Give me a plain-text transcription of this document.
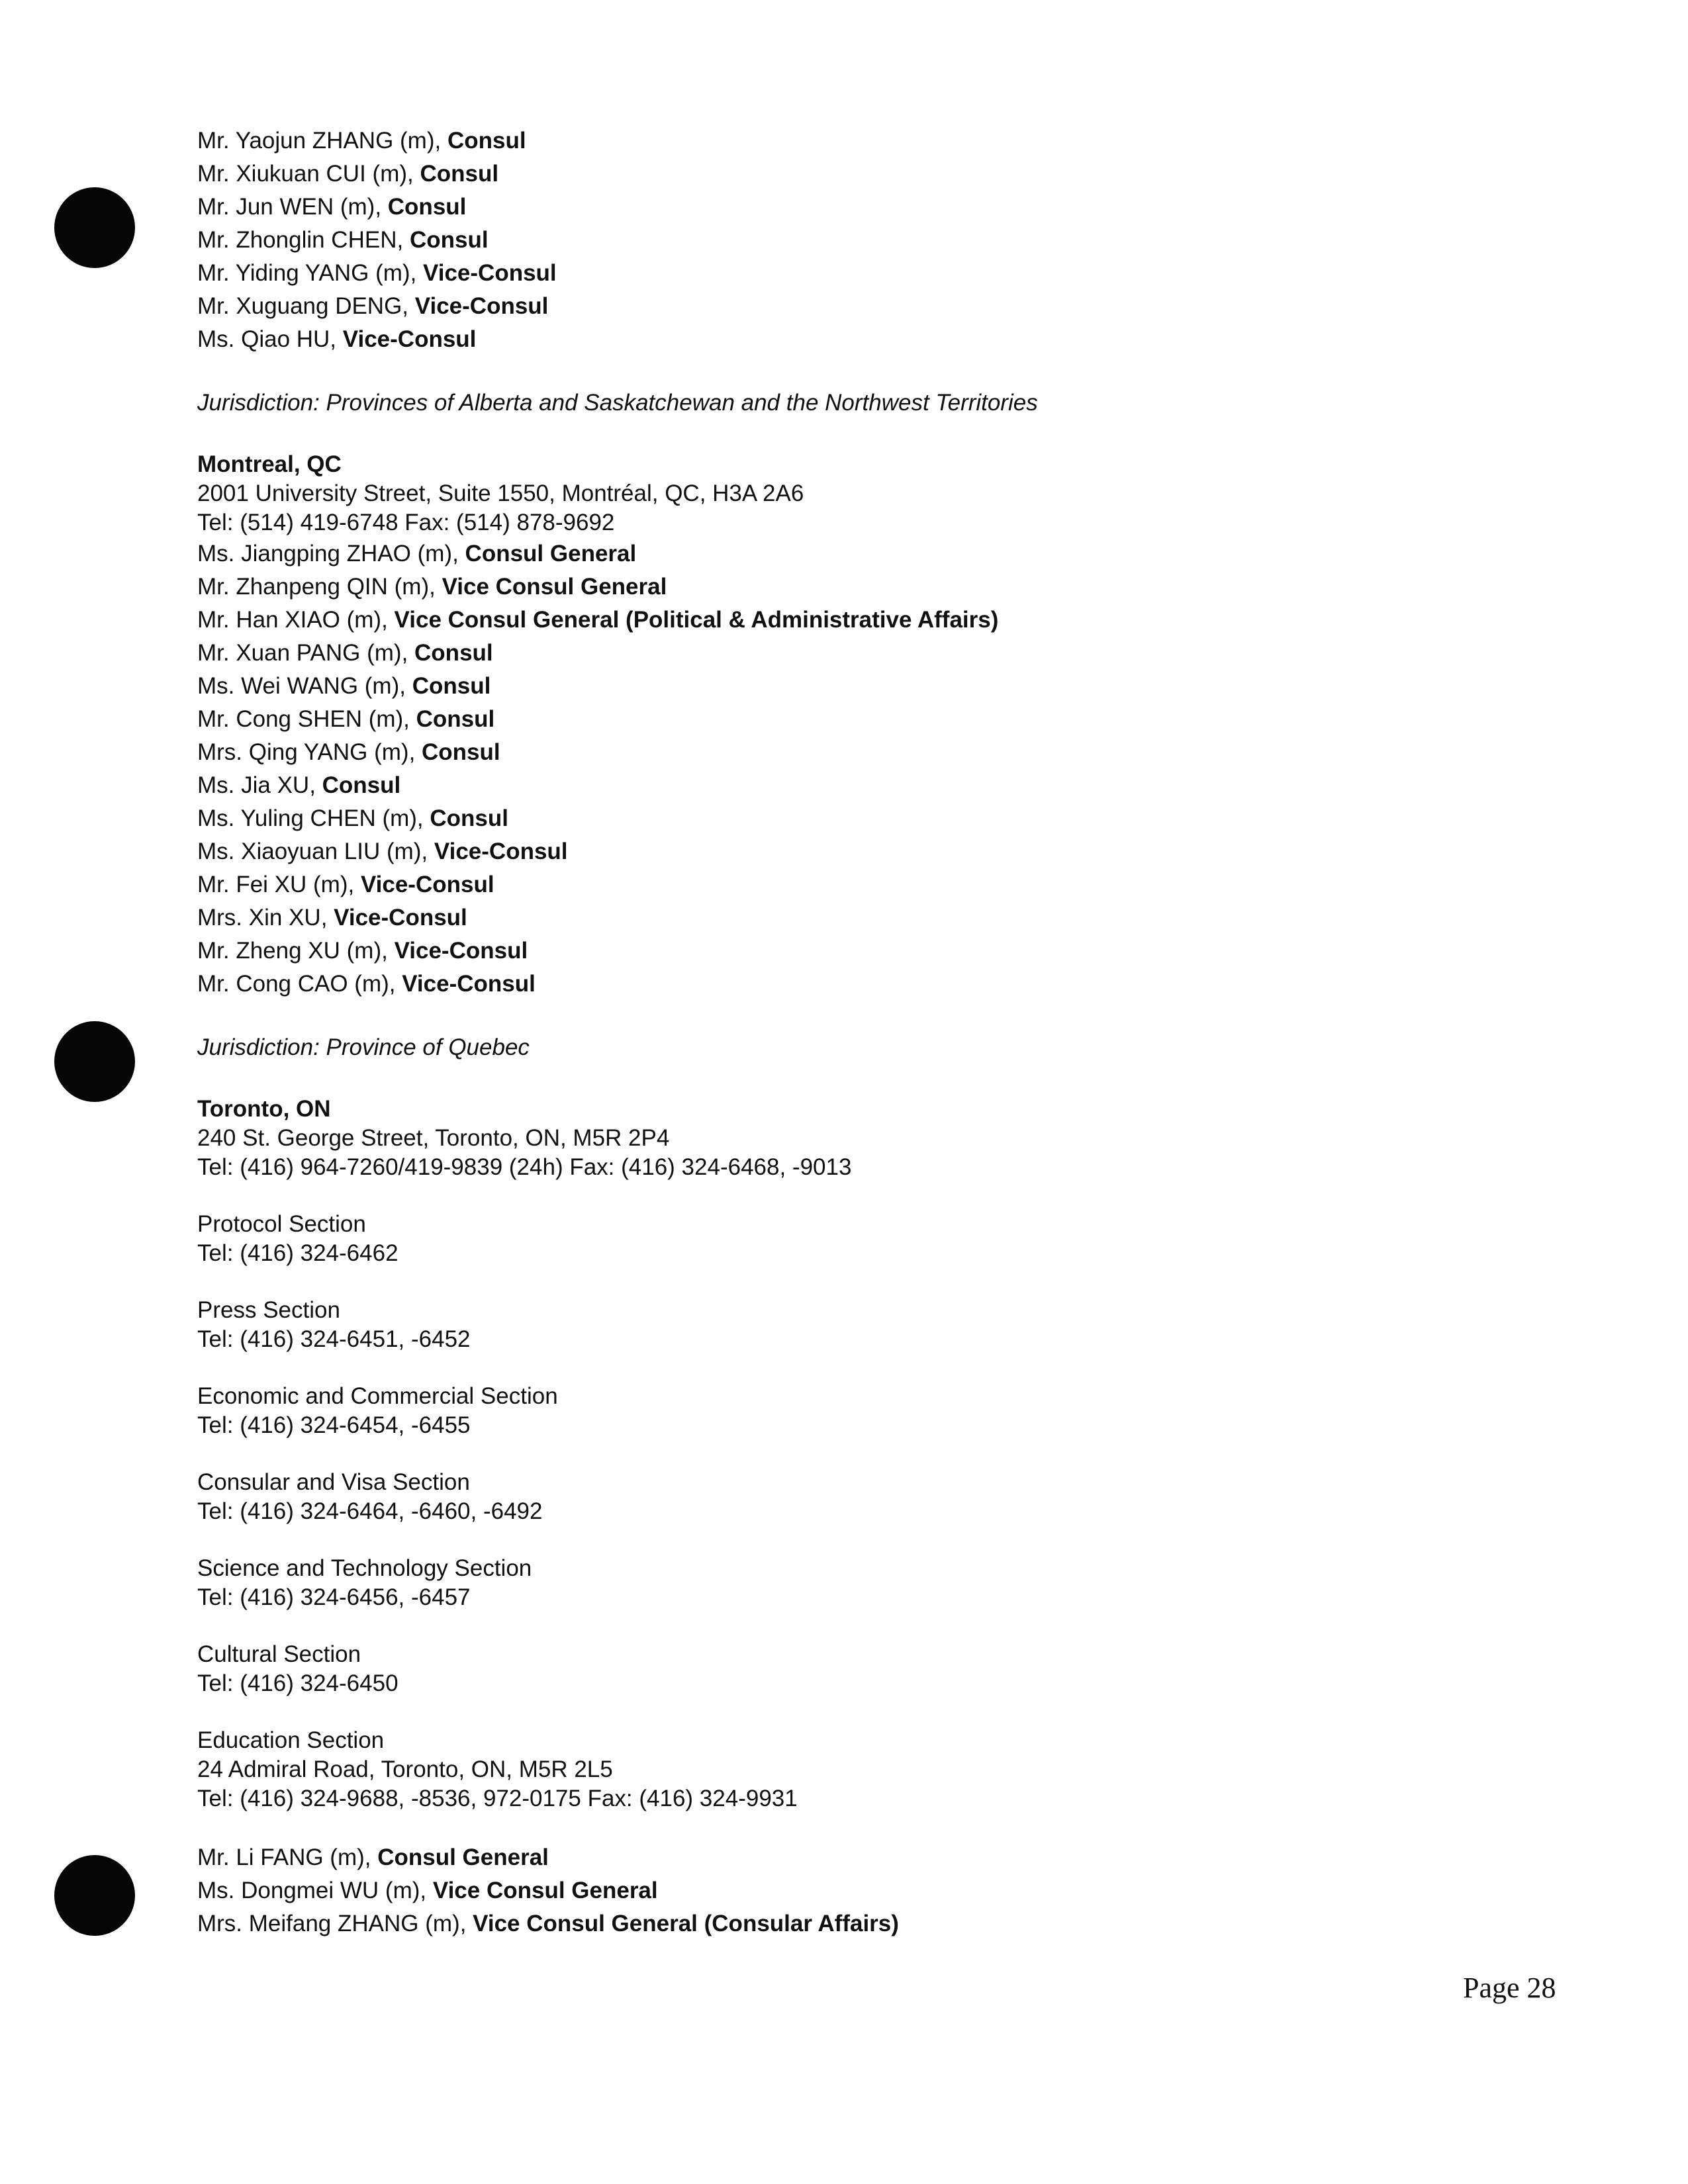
Mr. Yaojun ZHANG (m), Consul
Mr. Xiukuan CUI (m), Consul
Mr. Jun WEN (m), Consul
Mr. Zhonglin CHEN, Consul
Mr. Yiding YANG (m), Vice-Consul
Mr. Xuguang DENG, Vice-Consul
Ms. Qiao HU, Vice-Consul
Jurisdiction: Provinces of Alberta and Saskatchewan and the Northwest Territories
Montreal, QC
2001 University Street, Suite 1550, Montréal, QC, H3A 2A6
Tel: (514) 419-6748 Fax: (514) 878-9692
Ms. Jiangping ZHAO (m), Consul General
Mr. Zhanpeng QIN (m), Vice Consul General
Mr. Han XIAO (m), Vice Consul General (Political & Administrative Affairs)
Mr. Xuan PANG (m), Consul
Ms. Wei WANG (m), Consul
Mr. Cong SHEN (m), Consul
Mrs. Qing YANG (m), Consul
Ms. Jia XU, Consul
Ms. Yuling CHEN (m), Consul
Ms. Xiaoyuan LIU (m), Vice-Consul
Mr. Fei XU (m), Vice-Consul
Mrs. Xin XU, Vice-Consul
Mr. Zheng XU (m), Vice-Consul
Mr. Cong CAO (m), Vice-Consul
Jurisdiction: Province of Quebec
Toronto, ON
240 St. George Street, Toronto, ON, M5R 2P4
Tel: (416) 964-7260/419-9839 (24h) Fax: (416) 324-6468, -9013
Protocol Section
Tel: (416) 324-6462
Press Section
Tel: (416) 324-6451, -6452
Economic and Commercial Section
Tel: (416) 324-6454, -6455
Consular and Visa Section
Tel: (416) 324-6464, -6460, -6492
Science and Technology Section
Tel: (416) 324-6456, -6457
Cultural Section
Tel: (416) 324-6450
Education Section
24 Admiral Road, Toronto, ON, M5R 2L5
Tel: (416) 324-9688, -8536, 972-0175 Fax: (416) 324-9931
Mr. Li FANG (m), Consul General
Ms. Dongmei WU (m), Vice Consul General
Mrs. Meifang ZHANG (m), Vice Consul General (Consular Affairs)
Page 28
